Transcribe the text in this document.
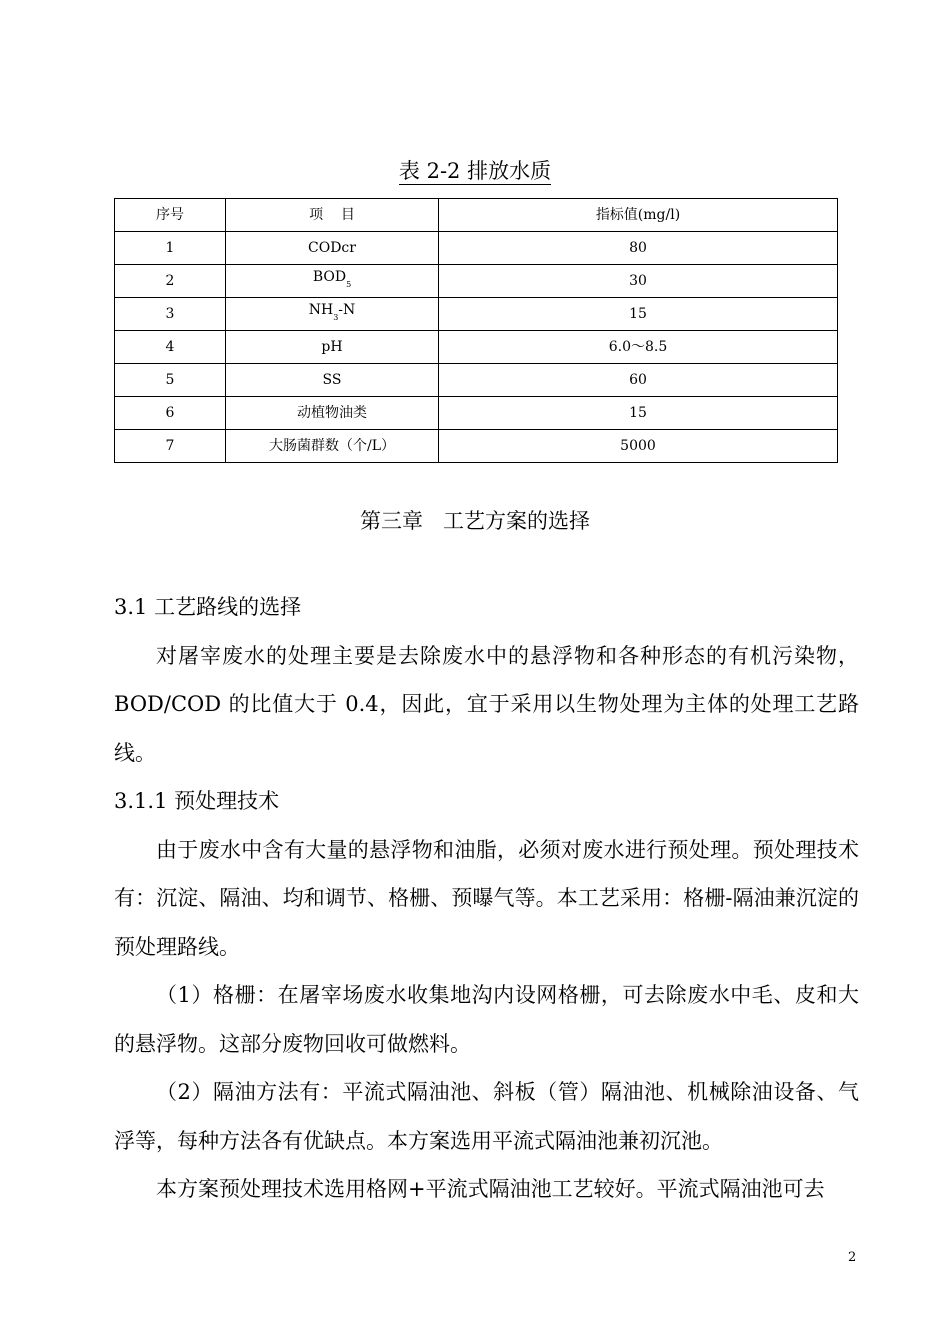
表 2-2 排放水质
序号	项    目	指标值(mg/l)
1	CODcr	80
2	$BOD_5$	30
3	$NH_3-N$	15
4	pH	6.0～8.5
5	SS	60
6	动植物油类	15
7	大肠菌群数（个/L）	5000
第三章   工艺方案的选择

3.1 工艺路线的选择

对屠宰废水的处理主要是去除废水中的悬浮物和各种形态的有机污染物，BOD/COD 的比值大于 0.4，因此，宜于采用以生物处理为主体的处理工艺路线。

3.1.1 预处理技术

由于废水中含有大量的悬浮物和油脂，必须对废水进行预处理。预处理技术有：沉淀、隔油、均和调节、格栅、预曝气等。本工艺采用：格栅-隔油兼沉淀的预处理路线。

（1）格栅：在屠宰场废水收集地沟内设网格栅，可去除废水中毛、皮和大的悬浮物。这部分废物回收可做燃料。

（2）隔油方法有：平流式隔油池、斜板（管）隔油池、机械除油设备、气浮等，每种方法各有优缺点。本方案选用平流式隔油池兼初沉池。

本方案预处理技术选用格网+平流式隔油池工艺较好。平流式隔油池可去

2
